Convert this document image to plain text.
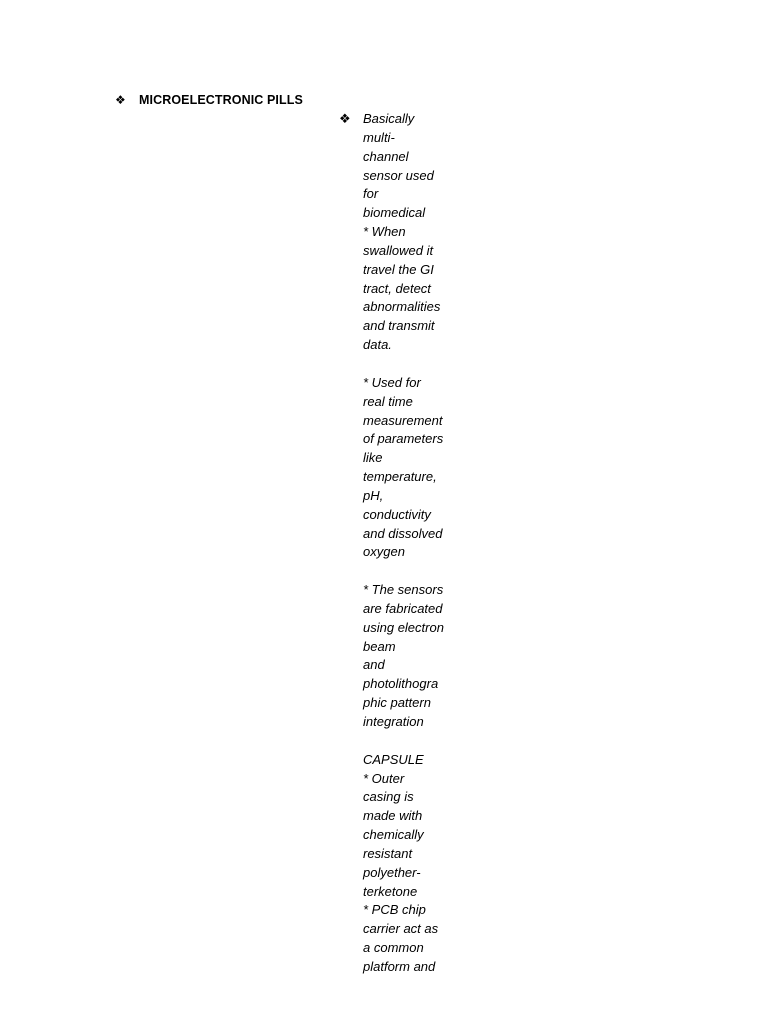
❖ MICROELECTRONIC PILLS
❖ Basically
multi-
channel
sensor used
for
biomedical
* When
swallowed it
travel the GI
tract, detect
abnormalities
and transmit
data.

* Used for
real time
measurement
of parameters
like
temperature,
pH,
conductivity
and dissolved
oxygen

* The sensors
are fabricated
using electron
beam
and
photolithogra
phic pattern
integration

CAPSULE
* Outer
casing is
made with
chemically
resistant
polyether-
terketone
* PCB chip
carrier act as
a common
platform and
